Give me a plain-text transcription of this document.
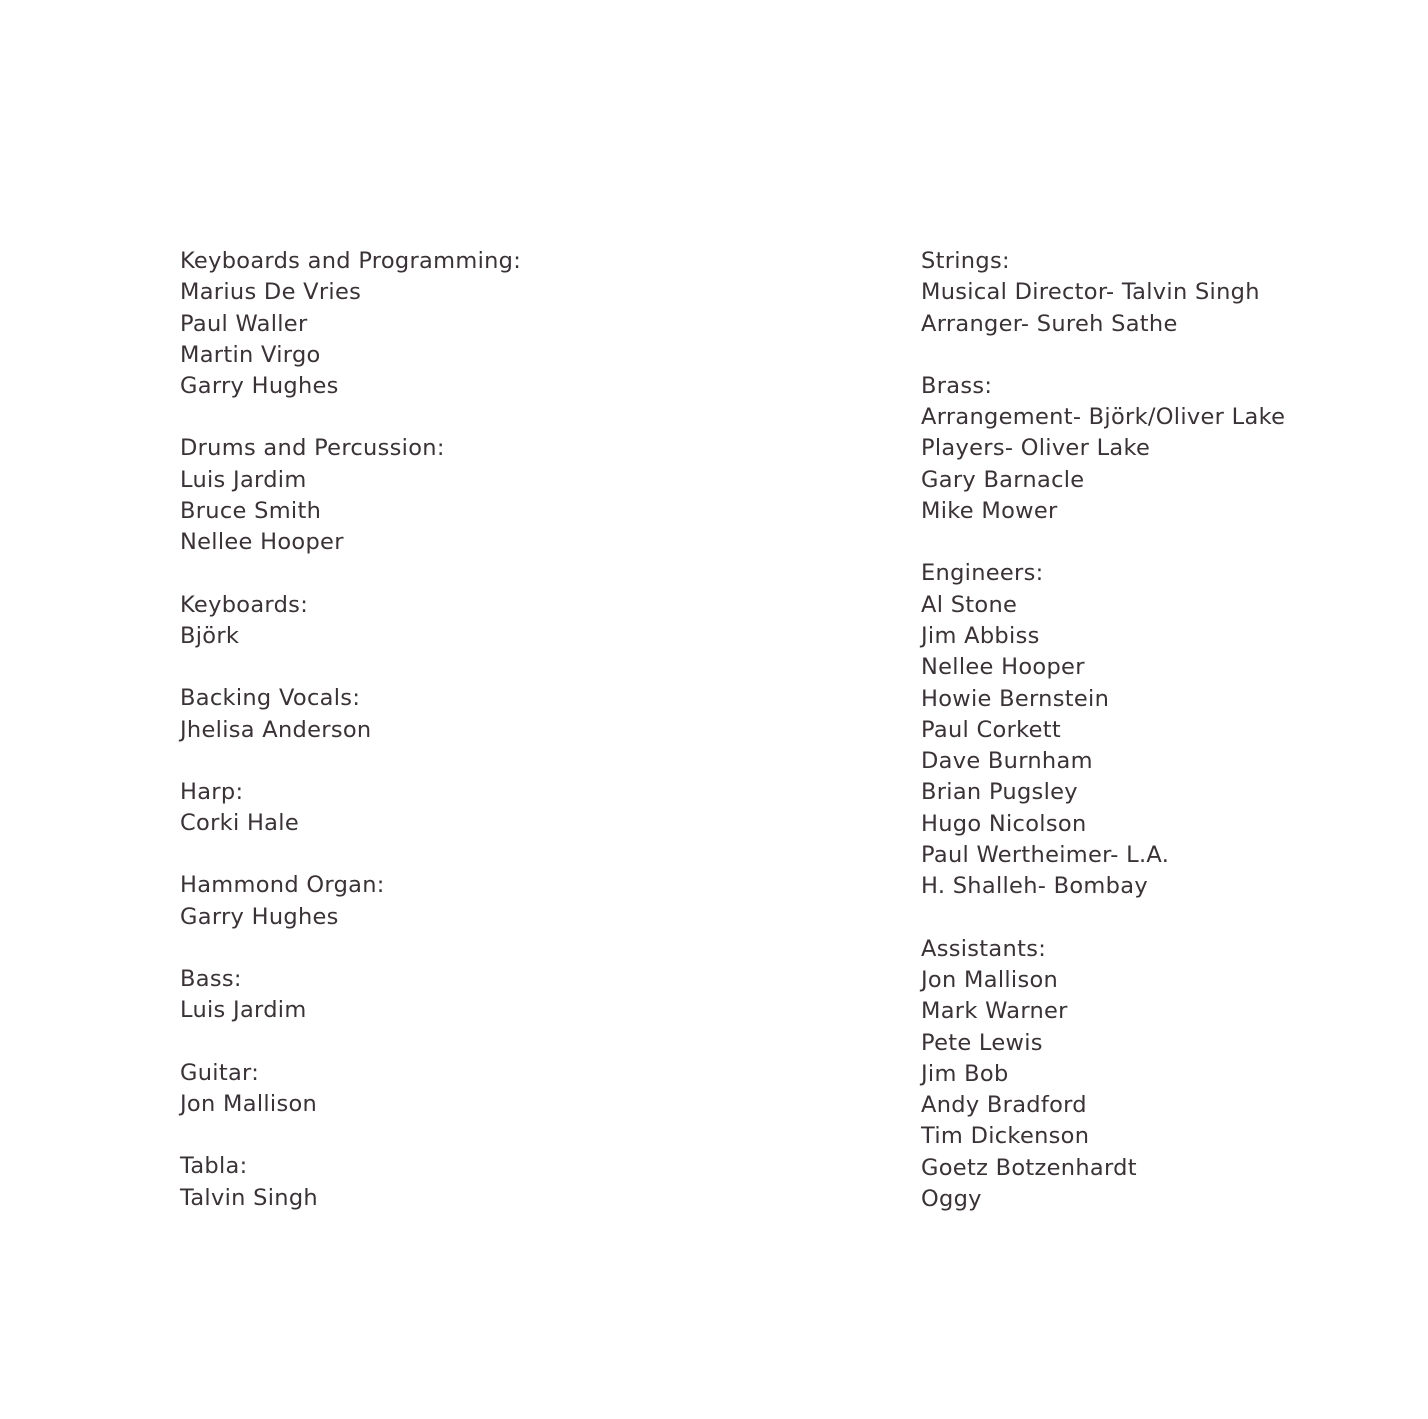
Keyboards and Programming:
Marius De Vries
Paul Waller
Martin Virgo
Garry Hughes
Drums and Percussion:
Luis Jardim
Bruce Smith
Nellee Hooper
Keyboards:
Björk
Backing Vocals:
Jhelisa Anderson
Harp:
Corki Hale
Hammond Organ:
Garry Hughes
Bass:
Luis Jardim
Guitar:
Jon Mallison
Tabla:
Talvin Singh
Strings:
Musical Director- Talvin Singh
Arranger- Sureh Sathe
Brass:
Arrangement- Björk/Oliver Lake
Players- Oliver Lake
Gary Barnacle
Mike Mower
Engineers:
Al Stone
Jim Abbiss
Nellee Hooper
Howie Bernstein
Paul Corkett
Dave Burnham
Brian Pugsley
Hugo Nicolson
Paul Wertheimer- L.A.
H. Shalleh- Bombay
Assistants:
Jon Mallison
Mark Warner
Pete Lewis
Jim Bob
Andy Bradford
Tim Dickenson
Goetz Botzenhardt
Oggy
